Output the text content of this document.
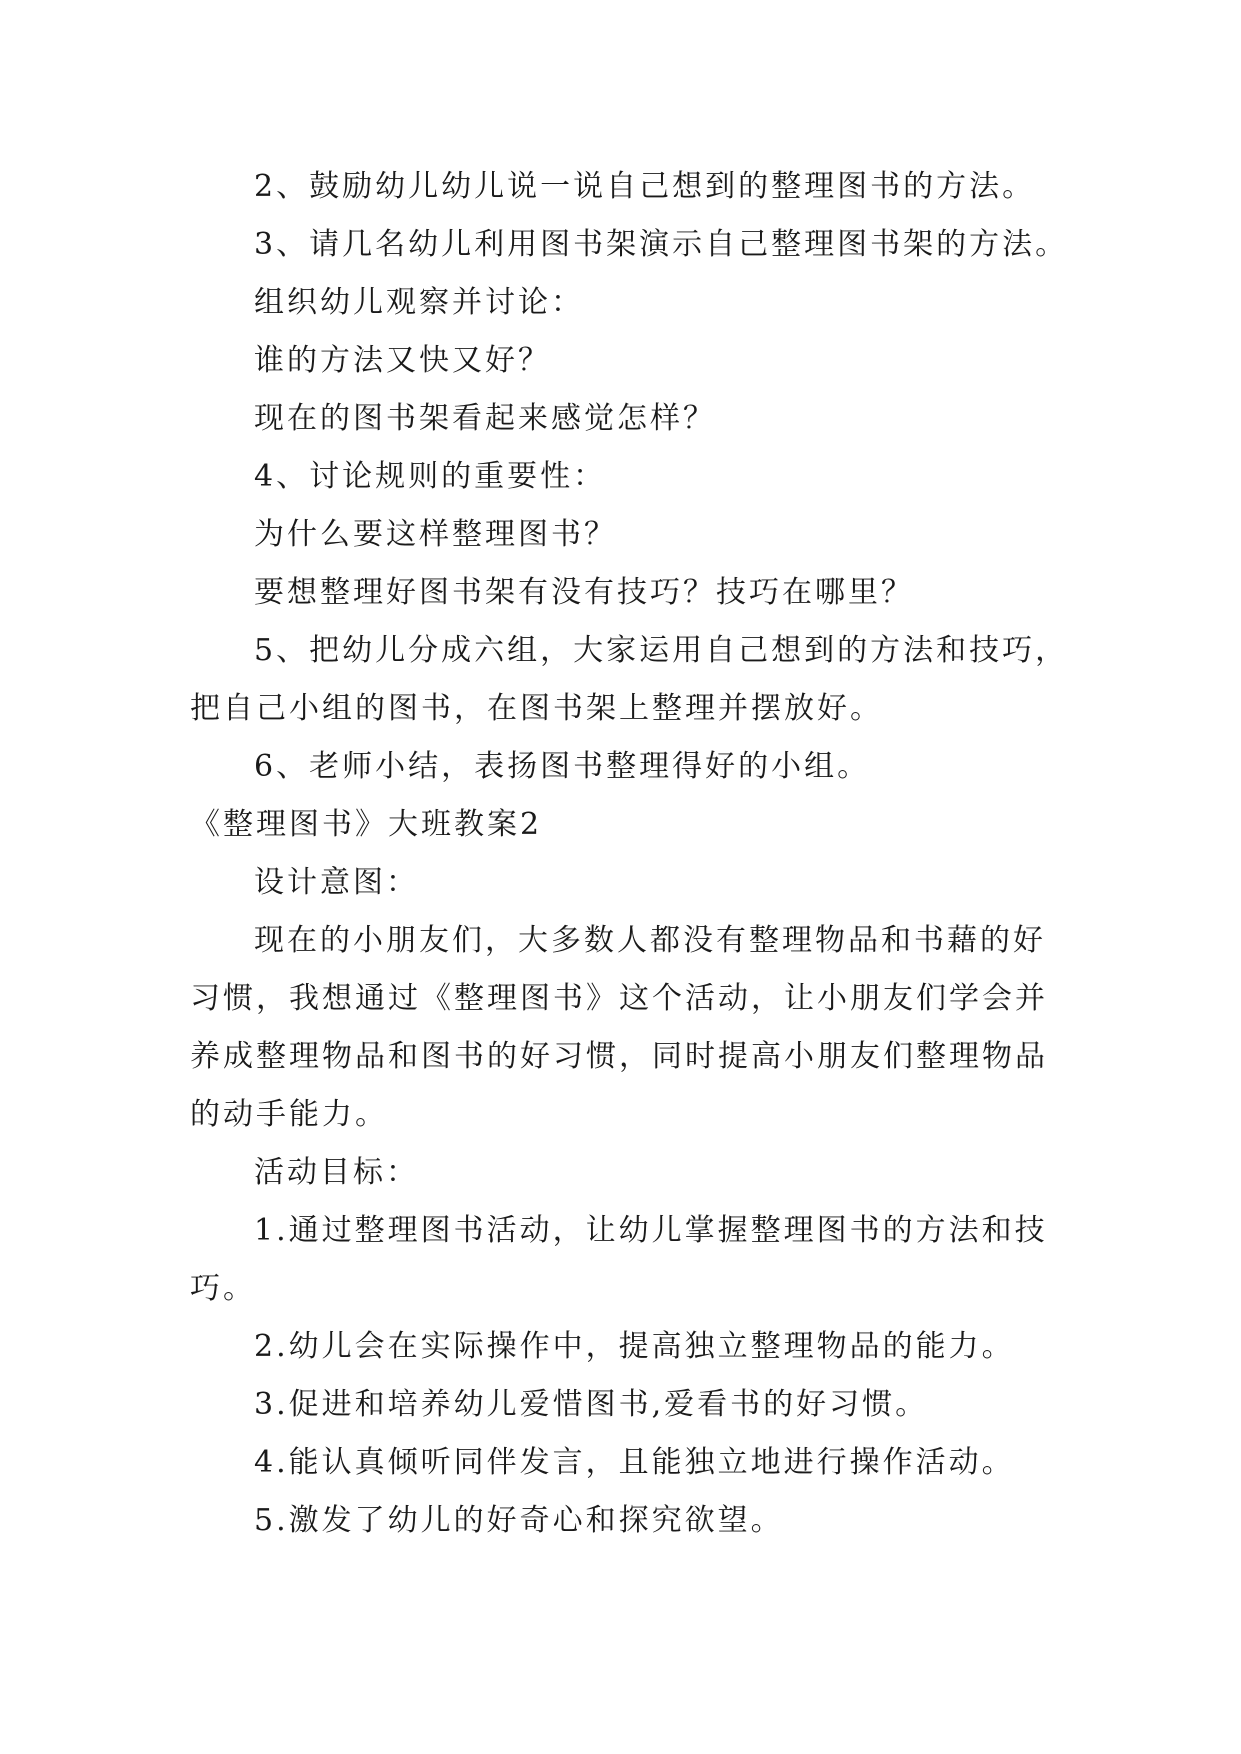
2、鼓励幼儿幼儿说一说自己想到的整理图书的方法。

3、请几名幼儿利用图书架演示自己整理图书架的方法。

组织幼儿观察并讨论：

谁的方法又快又好？

现在的图书架看起来感觉怎样？

4、讨论规则的重要性：

为什么要这样整理图书？

要想整理好图书架有没有技巧？技巧在哪里？

5、把幼儿分成六组，大家运用自己想到的方法和技巧，把自己小组的图书，在图书架上整理并摆放好。

6、老师小结，表扬图书整理得好的小组。

《整理图书》大班教案2

设计意图：

现在的小朋友们，大多数人都没有整理物品和书藉的好习惯，我想通过《整理图书》这个活动，让小朋友们学会并养成整理物品和图书的好习惯，同时提高小朋友们整理物品的动手能力。

活动目标：

1.通过整理图书活动，让幼儿掌握整理图书的方法和技巧。

2.幼儿会在实际操作中，提高独立整理物品的能力。

3.促进和培养幼儿爱惜图书,爱看书的好习惯。

4.能认真倾听同伴发言，且能独立地进行操作活动。

5.激发了幼儿的好奇心和探究欲望。
